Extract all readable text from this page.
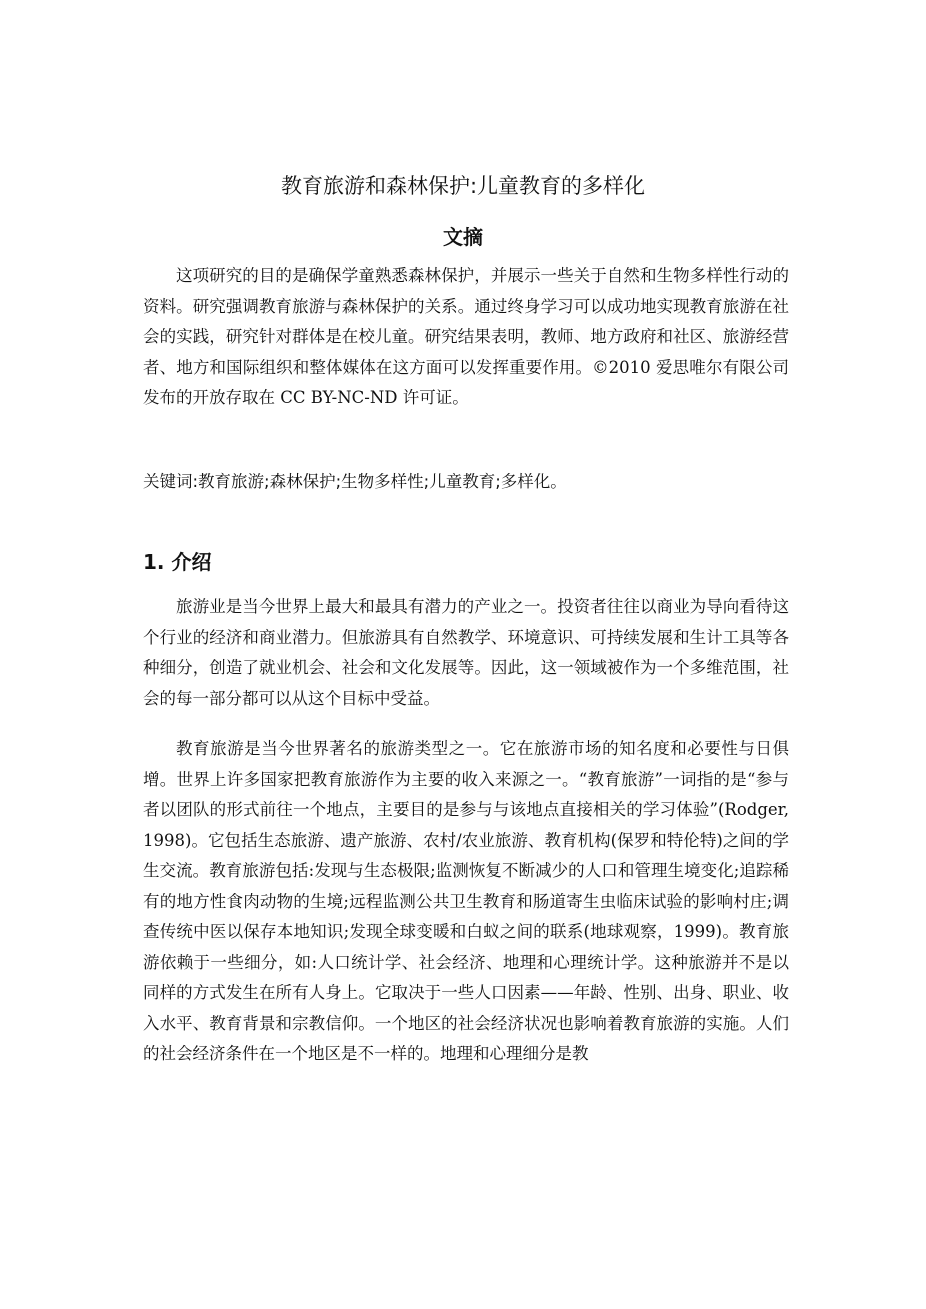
教育旅游和森林保护:儿童教育的多样化
文摘

这项研究的目的是确保学童熟悉森林保护，并展示一些关于自然和生物多样性行动的资料。研究强调教育旅游与森林保护的关系。通过终身学习可以成功地实现教育旅游在社会的实践，研究针对群体是在校儿童。研究结果表明，教师、地方政府和社区、旅游经营者、地方和国际组织和整体媒体在这方面可以发挥重要作用。©2010 爱思唯尔有限公司发布的开放存取在 CC BY-NC-ND 许可证。

关键词:教育旅游;森林保护;生物多样性;儿童教育;多样化。
1. 介绍

旅游业是当今世界上最大和最具有潜力的产业之一。投资者往往以商业为导向看待这个行业的经济和商业潜力。但旅游具有自然教学、环境意识、可持续发展和生计工具等各种细分，创造了就业机会、社会和文化发展等。因此，这一领域被作为一个多维范围，社会的每一部分都可以从这个目标中受益。

教育旅游是当今世界著名的旅游类型之一。它在旅游市场的知名度和必要性与日俱增。世界上许多国家把教育旅游作为主要的收入来源之一。“教育旅游”一词指的是“参与者以团队的形式前往一个地点，主要目的是参与与该地点直接相关的学习体验”(Rodger, 1998)。它包括生态旅游、遗产旅游、农村/农业旅游、教育机构(保罗和特伦特)之间的学生交流。教育旅游包括:发现与生态极限;监测恢复不断减少的人口和管理生境变化;追踪稀有的地方性食肉动物的生境;远程监测公共卫生教育和肠道寄生虫临床试验的影响村庄;调查传统中医以保存本地知识;发现全球变暖和白蚁之间的联系(地球观察，1999)。教育旅游依赖于一些细分，如:人口统计学、社会经济、地理和心理统计学。这种旅游并不是以同样的方式发生在所有人身上。它取决于一些人口因素——年龄、性别、出身、职业、收入水平、教育背景和宗教信仰。一个地区的社会经济状况也影响着教育旅游的实施。人们的社会经济条件在一个地区是不一样的。地理和心理细分是教
